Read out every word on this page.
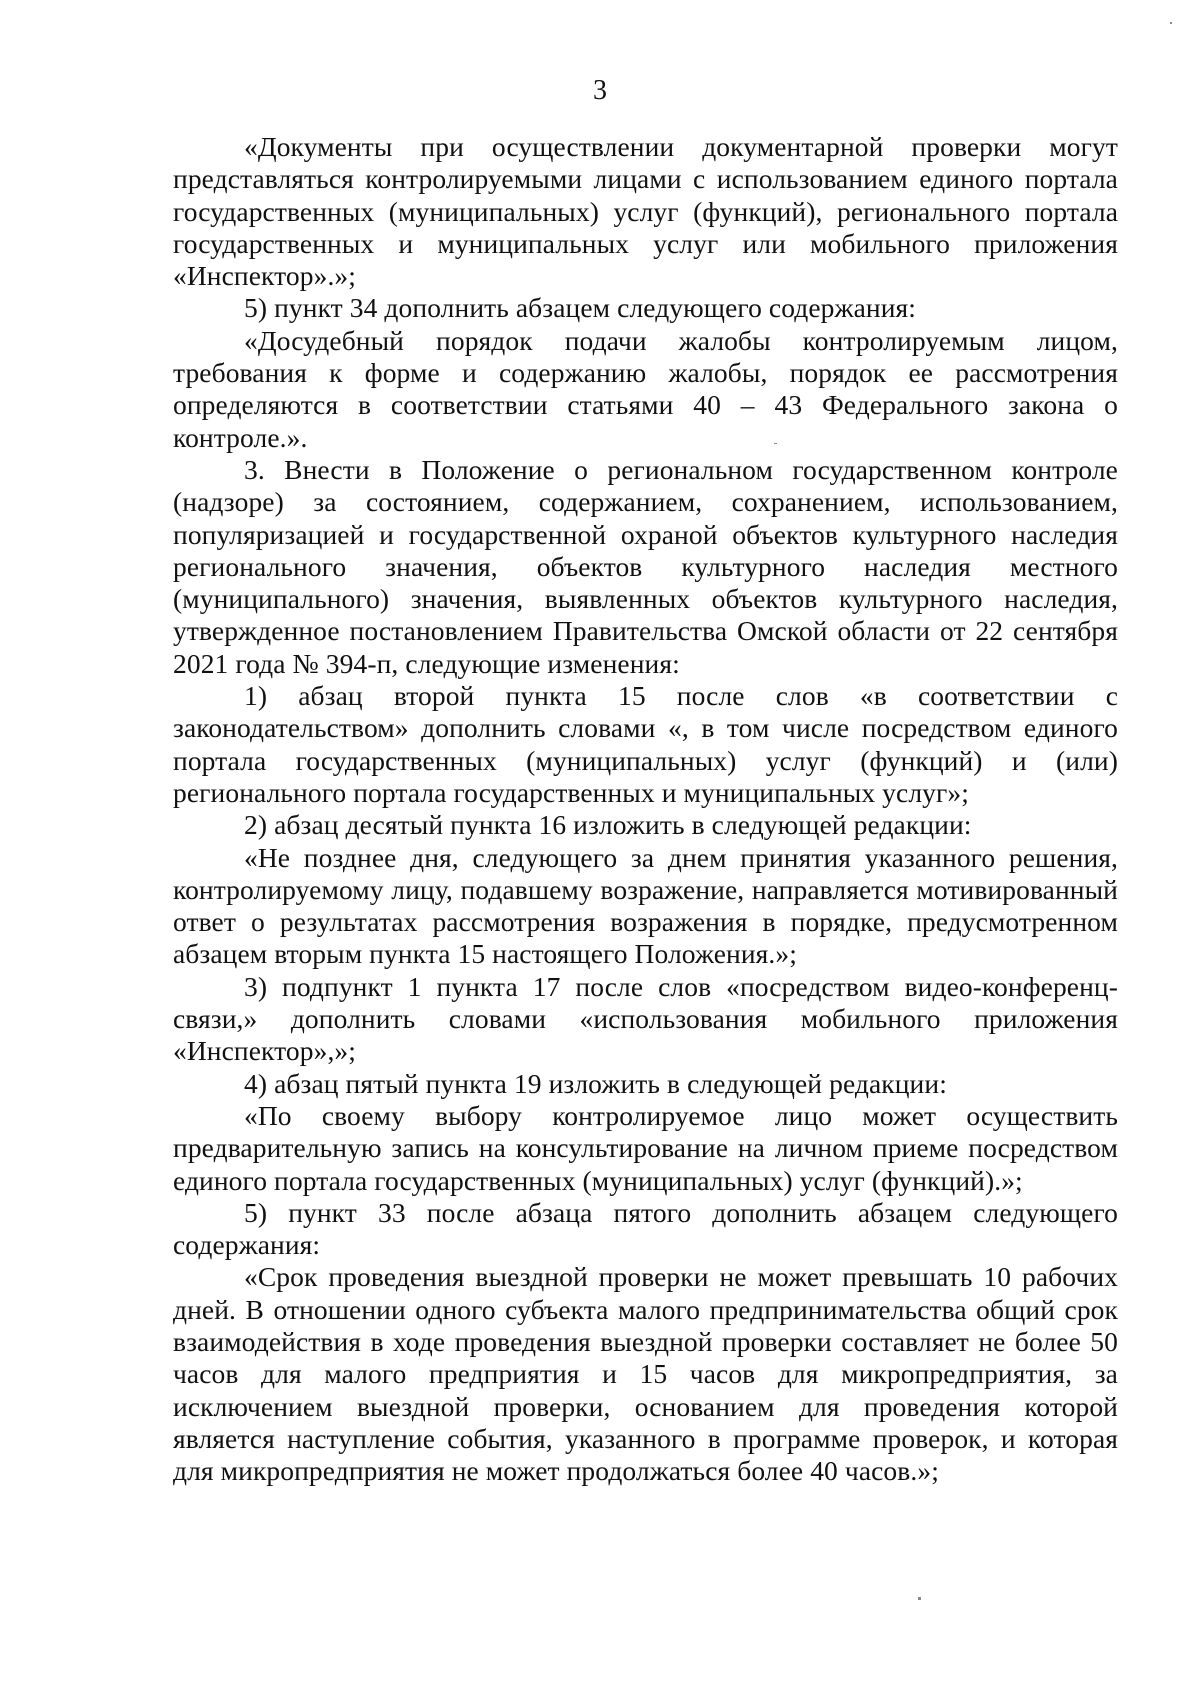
3

«Документы при осуществлении документарной проверки могут представляться контролируемыми лицами с использованием единого портала государственных (муниципальных) услуг (функций), регионального портала государственных и муниципальных услуг или мобильного приложения «Инспектор».»;

5) пункт 34 дополнить абзацем следующего содержания:

«Досудебный порядок подачи жалобы контролируемым лицом, требования к форме и содержанию жалобы, порядок ее рассмотрения определяются в соответствии статьями 40 – 43 Федерального закона о контроле.».

3. Внести в Положение о региональном государственном контроле (надзоре) за состоянием, содержанием, сохранением, использованием, популяризацией и государственной охраной объектов культурного наследия регионального значения, объектов культурного наследия местного (муниципального) значения, выявленных объектов культурного наследия, утвержденное постановлением Правительства Омской области от 22 сентября 2021 года № 394-п, следующие изменения:

1) абзац второй пункта 15 после слов «в соответствии с законодательством» дополнить словами «, в том числе посредством единого портала государственных (муниципальных) услуг (функций) и (или) регионального портала государственных и муниципальных услуг»;

2) абзац десятый пункта 16 изложить в следующей редакции:

«Не позднее дня, следующего за днем принятия указанного решения, контролируемому лицу, подавшему возражение, направляется мотивированный ответ о результатах рассмотрения возражения в порядке, предусмотренном абзацем вторым пункта 15 настоящего Положения.»;

3) подпункт 1 пункта 17 после слов «посредством видео-конференц-связи,» дополнить словами «использования мобильного приложения «Инспектор»,»;

4) абзац пятый пункта 19 изложить в следующей редакции:

«По своему выбору контролируемое лицо может осуществить предварительную запись на консультирование на личном приеме посредством единого портала государственных (муниципальных) услуг (функций).»;

5) пункт 33 после абзаца пятого дополнить абзацем следующего содержания:

«Срок проведения выездной проверки не может превышать 10 рабочих дней. В отношении одного субъекта малого предпринимательства общий срок взаимодействия в ходе проведения выездной проверки составляет не более 50 часов для малого предприятия и 15 часов для микропредприятия, за исключением выездной проверки, основанием для проведения которой является наступление события, указанного в программе проверок, и которая для микропредприятия не может продолжаться более 40 часов.»;
